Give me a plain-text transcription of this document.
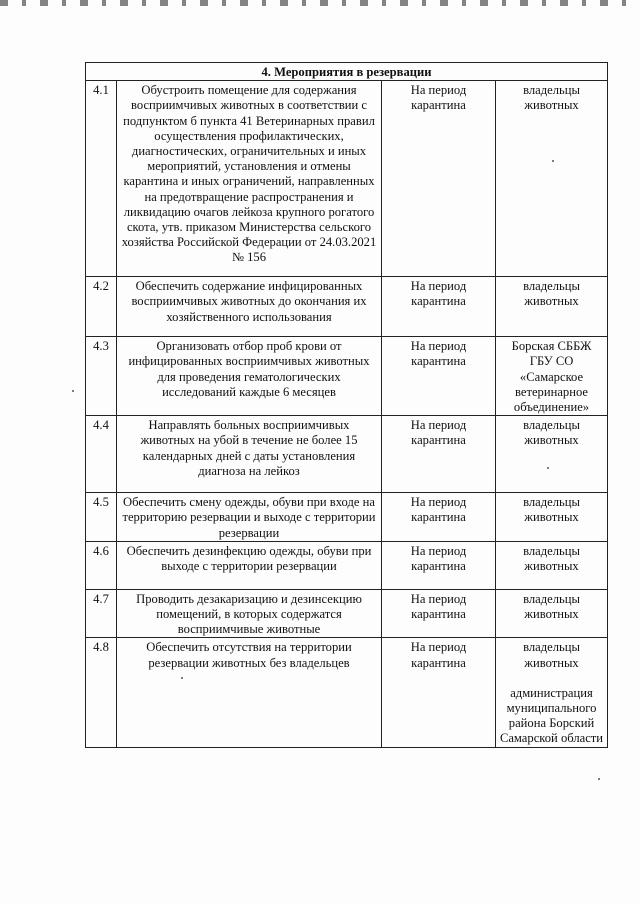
4. Мероприятия в резервации			
4.1	Обустроить помещение для содержания восприимчивых животных в соответствии с подпунктом б пункта 41 Ветеринарных правил осуществления профилактических, диагностических, ограничительных и иных мероприятий, установления и отмены карантина и иных ограничений, направленных на предотвращение распространения и ликвидацию очагов лейкоза крупного рогатого скота, утв. приказом Министерства сельского хозяйства Российской Федерации от 24.03.2021 № 156	На период карантина	владельцы животных

4.2	Обеспечить содержание инфицированных восприимчивых животных до окончания их хозяйственного использования	На период карантина	владельцы животных

4.3	Организовать отбор проб крови от инфицированных восприимчивых животных для проведения гематологических исследований каждые 6 месяцев	На период карантина	Борская СББЖ ГБУ СО «Самарское ветеринарное объединение»

4.4	Направлять больных восприимчивых животных на убой в течение не более 15 календарных дней с даты установления диагноза на лейкоз	На период карантина	владельцы животных

4.5	Обеспечить смену одежды, обуви при входе на территорию резервации и выходе с территории резервации	На период карантина	владельцы животных

4.6	Обеспечить дезинфекцию одежды, обуви при выходе с территории резервации	На период карантина	владельцы животных

4.7	Проводить дезакаризацию и дезинсекцию помещений, в которых содержатся восприимчивые животные	На период карантина	владельцы животных

4.8	Обеспечить отсутствия на территории резервации животных без владельцев	На период карантина	владельцы животных
администрация муниципального района Борский Самарской области
